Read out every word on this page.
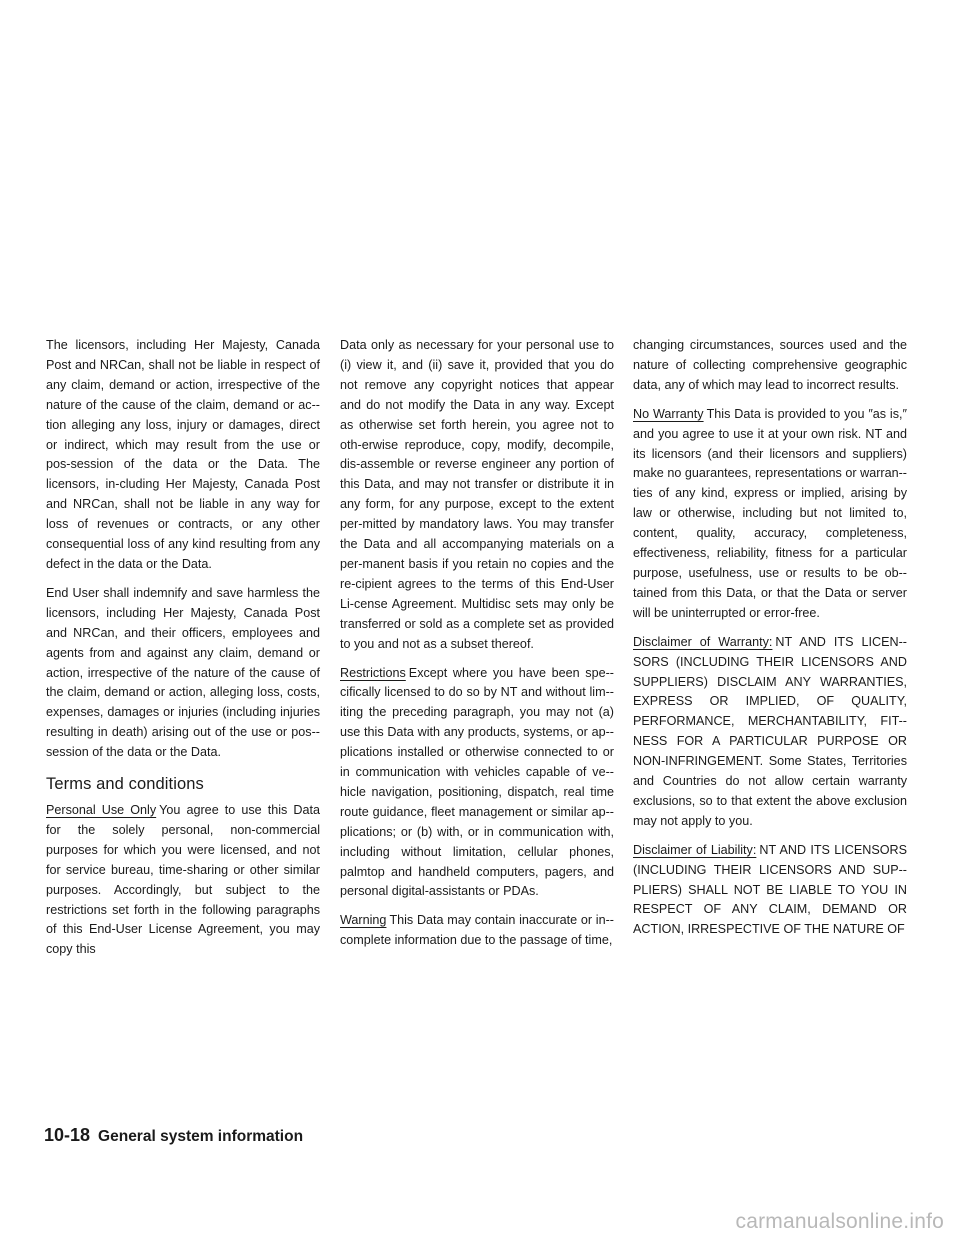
The licensors, including Her Majesty, Canada Post and NRCan, shall not be liable in respect of any claim, demand or action, irrespective of the nature of the cause of the claim, demand or ac-tion alleging any loss, injury or damages, direct or indirect, which may result from the use or pos-session of the data or the Data. The licensors, in-cluding Her Majesty, Canada Post and NRCan, shall not be liable in any way for loss of revenues or contracts, or any other consequential loss of any kind resulting from any defect in the data or the Data.

End User shall indemnify and save harmless the licensors, including Her Majesty, Canada Post and NRCan, and their officers, employees and agents from and against any claim, demand or action, irrespective of the nature of the cause of the claim, demand or action, alleging loss, costs, expenses, damages or injuries (including injuries resulting in death) arising out of the use or pos-session of the data or the Data.

Terms and conditions

Personal Use Only You agree to use this Data for the solely personal, non-commercial purposes for which you were licensed, and not for service bureau, time-sharing or other similar purposes. Accordingly, but subject to the restrictions set forth in the following paragraphs of this End-User License Agreement, you may copy this

Data only as necessary for your personal use to (i) view it, and (ii) save it, provided that you do not remove any copyright notices that appear and do not modify the Data in any way. Except as otherwise set forth herein, you agree not to oth-erwise reproduce, copy, modify, decompile, dis-assemble or reverse engineer any portion of this Data, and may not transfer or distribute it in any form, for any purpose, except to the extent per-mitted by mandatory laws. You may transfer the Data and all accompanying materials on a per-manent basis if you retain no copies and the re-cipient agrees to the terms of this End-User Li-cense Agreement. Multidisc sets may only be transferred or sold as a complete set as provided to you and not as a subset thereof.

Restrictions Except where you have been spe-cifically licensed to do so by NT and without lim-iting the preceding paragraph, you may not (a) use this Data with any products, systems, or ap-plications installed or otherwise connected to or in communication with vehicles capable of ve-hicle navigation, positioning, dispatch, real time route guidance, fleet management or similar ap-plications; or (b) with, or in communication with, including without limitation, cellular phones, palmtop and handheld computers, pagers, and personal digital-assistants or PDAs.

Warning This Data may contain inaccurate or in-complete information due to the passage of time,

changing circumstances, sources used and the nature of collecting comprehensive geographic data, any of which may lead to incorrect results.

No Warranty This Data is provided to you ″as is,″ and you agree to use it at your own risk. NT and its licensors (and their licensors and suppliers) make no guarantees, representations or warran-ties of any kind, express or implied, arising by law or otherwise, including but not limited to, content, quality, accuracy, completeness, effectiveness, reliability, fitness for a particular purpose, usefulness, use or results to be ob-tained from this Data, or that the Data or server will be uninterrupted or error-free.

Disclaimer of Warranty: NT AND ITS LICEN-SORS (INCLUDING THEIR LICENSORS AND SUPPLIERS) DISCLAIM ANY WARRANTIES, EXPRESS OR IMPLIED, OF QUALITY, PERFORMANCE, MERCHANTABILITY, FIT-NESS FOR A PARTICULAR PURPOSE OR NON-INFRINGEMENT. Some States, Territories and Countries do not allow certain warranty exclusions, so to that extent the above exclusion may not apply to you.

Disclaimer of Liability: NT AND ITS LICENSORS (INCLUDING THEIR LICENSORS AND SUP-PLIERS) SHALL NOT BE LIABLE TO YOU IN RESPECT OF ANY CLAIM, DEMAND OR ACTION, IRRESPECTIVE OF THE NATURE OF

10-18 General system information
carmanualsonline.info
